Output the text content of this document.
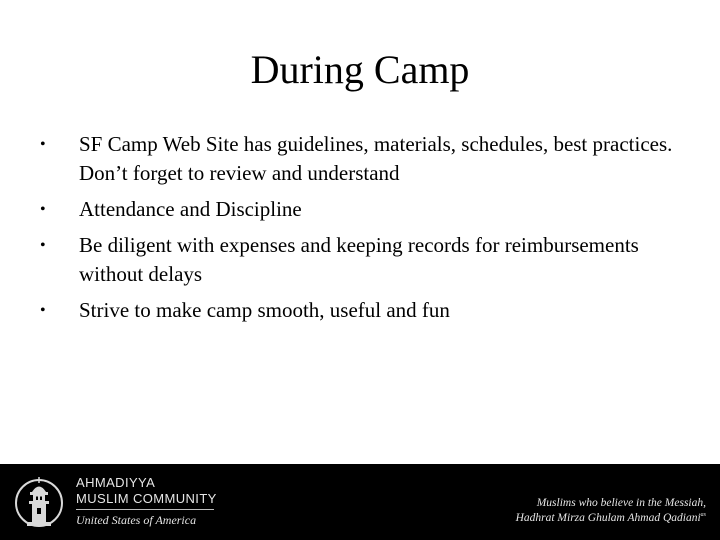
During Camp
•	SF Camp Web Site has guidelines, materials, schedules, best practices. Don’t forget to review and understand
•	Attendance and Discipline
•	Be diligent with expenses and keeping records for reimbursements without delays
•	Strive to make camp smooth, useful and fun
AHMADIYYA
MUSLIM COMMUNITY
United States of America
Muslims who believe in the Messiah,
Hadhrat Mirza Ghulam Ahmad Qadiani$^{as}$
